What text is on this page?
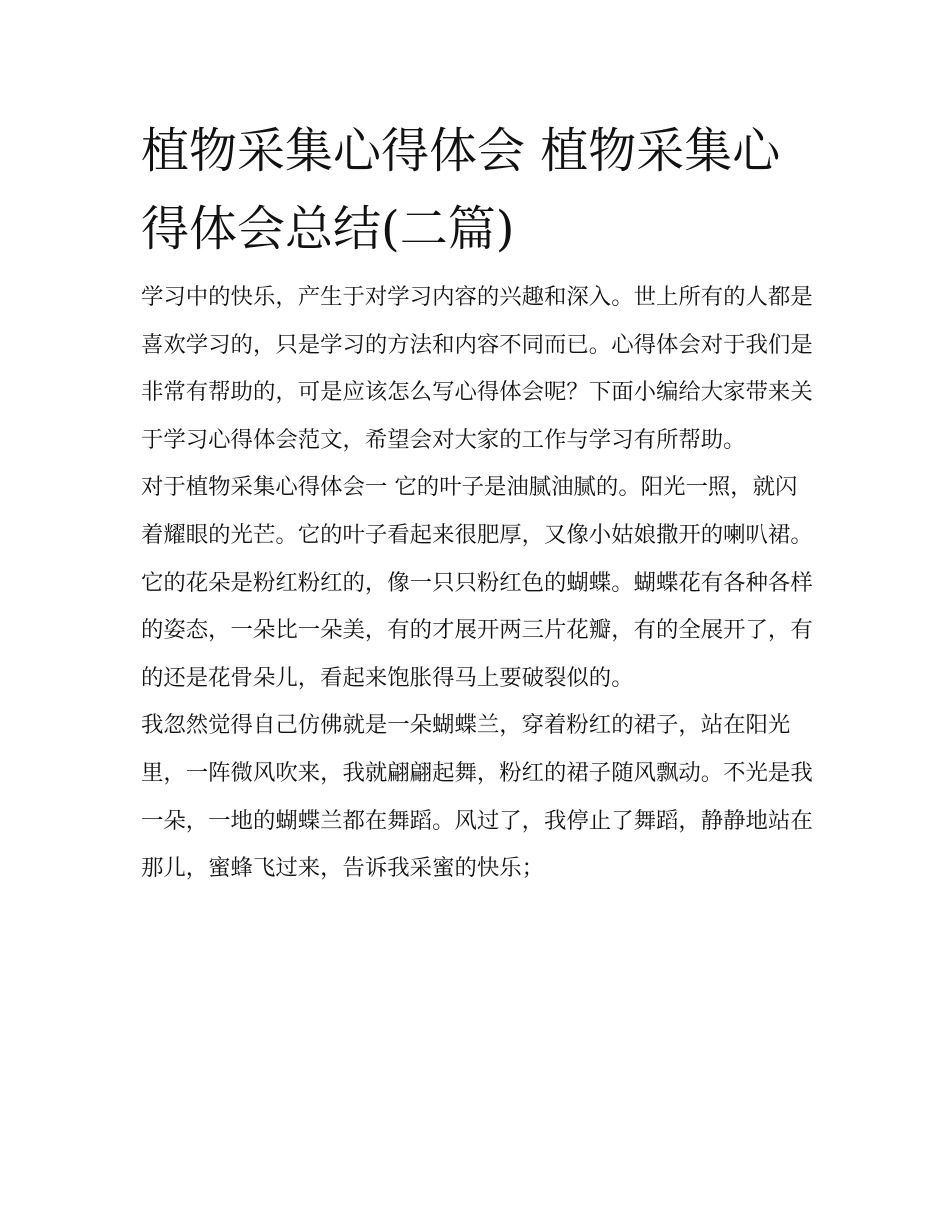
植物采集心得体会 植物采集心得体会总结(二篇)

学习中的快乐，产生于对学习内容的兴趣和深入。世上所有的人都是喜欢学习的，只是学习的方法和内容不同而已。心得体会对于我们是非常有帮助的，可是应该怎么写心得体会呢？下面小编给大家带来关于学习心得体会范文，希望会对大家的工作与学习有所帮助。

对于植物采集心得体会一 它的叶子是油腻油腻的。阳光一照，就闪着耀眼的光芒。它的叶子看起来很肥厚，又像小姑娘撒开的喇叭裙。

它的花朵是粉红粉红的，像一只只粉红色的蝴蝶。蝴蝶花有各种各样的姿态，一朵比一朵美，有的才展开两三片花瓣，有的全展开了，有的还是花骨朵儿，看起来饱胀得马上要破裂似的。

我忽然觉得自己仿佛就是一朵蝴蝶兰，穿着粉红的裙子，站在阳光里，一阵微风吹来，我就翩翩起舞，粉红的裙子随风飘动。不光是我一朵，一地的蝴蝶兰都在舞蹈。风过了，我停止了舞蹈，静静地站在那儿，蜜蜂飞过来，告诉我采蜜的快乐；
